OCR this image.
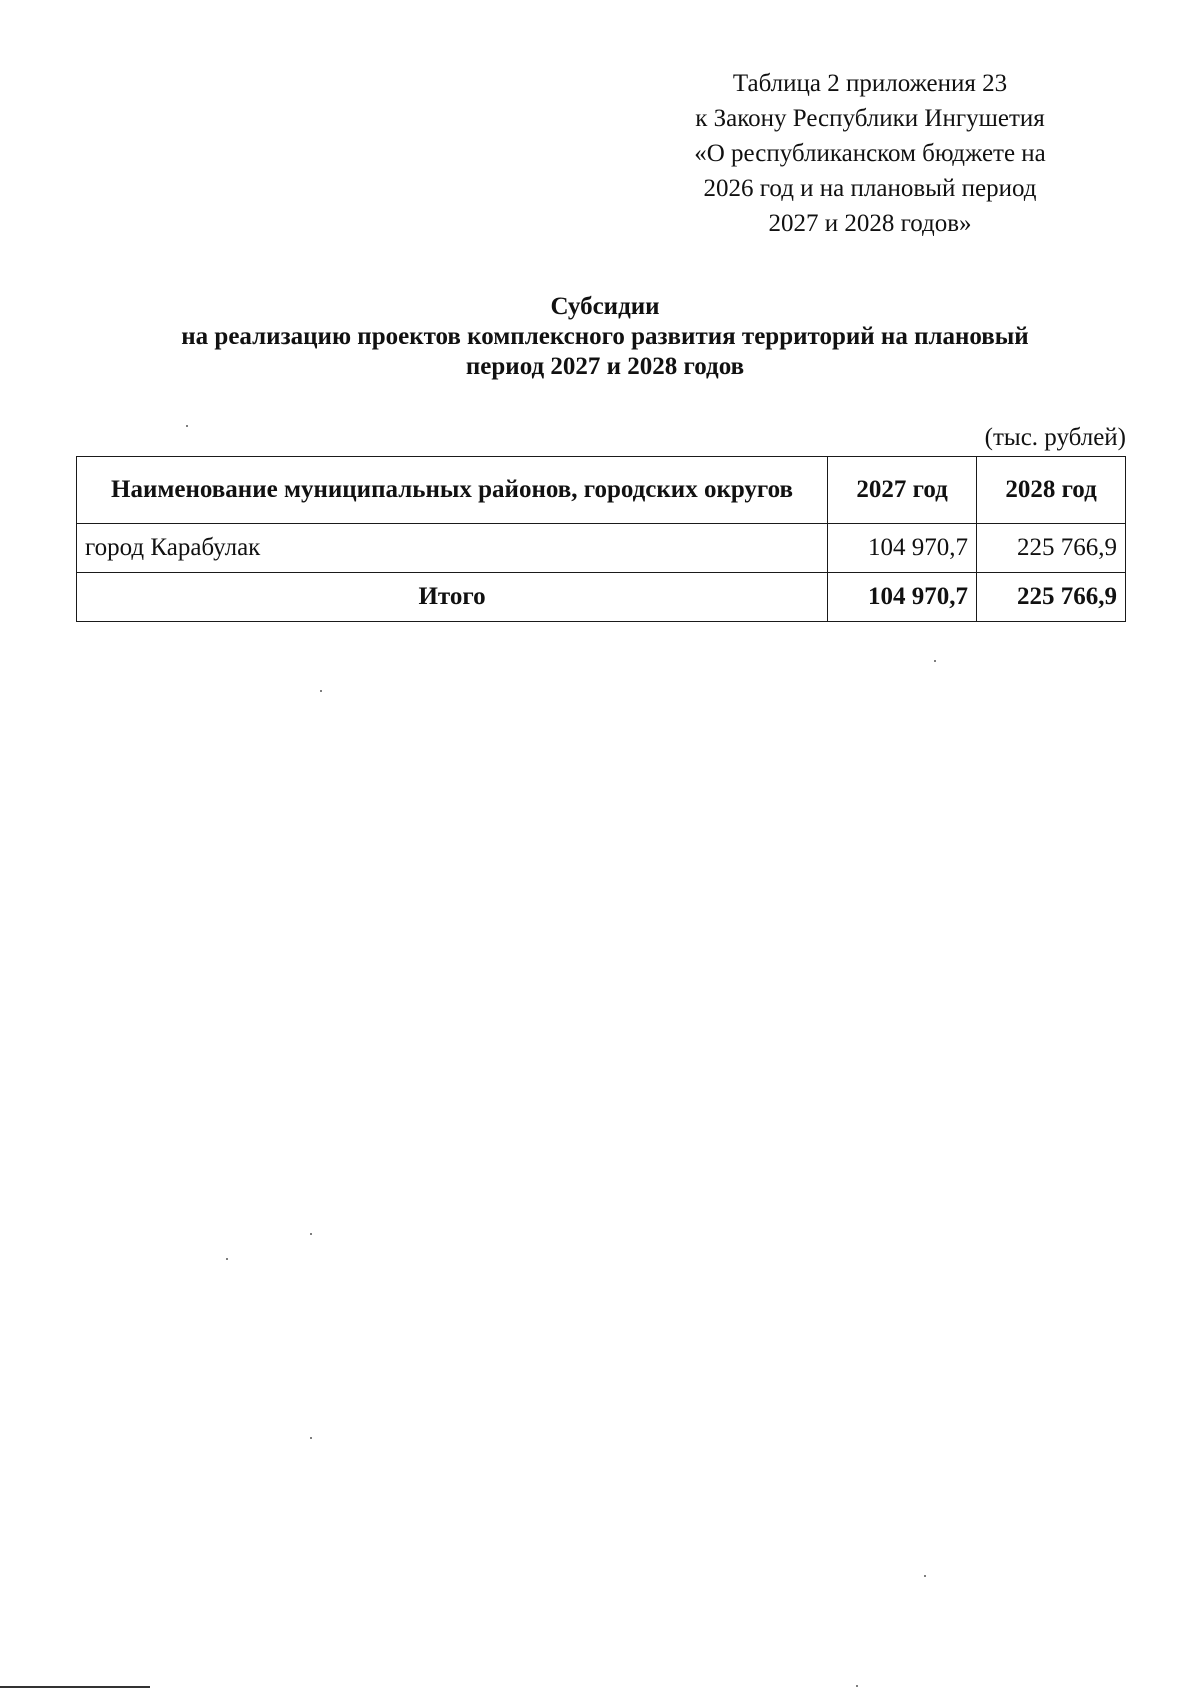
Таблица 2 приложения 23
к Закону Республики Ингушетия
«О республиканском бюджете на
2026 год и на плановый период
2027 и 2028 годов»
Субсидии
на реализацию проектов комплексного развития территорий на плановый
период 2027 и 2028 годов
(тыс. рублей)
Наименование муниципальных районов, городских округов	2027 год	2028 год
город Карабулак	104 970,7	225 766,9
Итого	104 970,7	225 766,9
